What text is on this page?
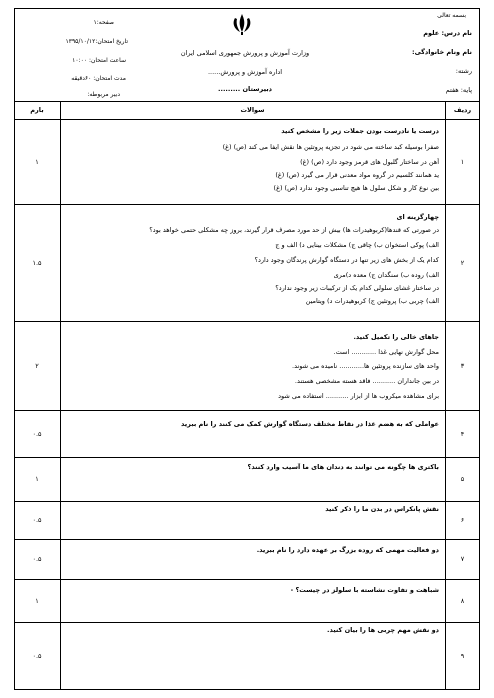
بسمه تعالی
نام درس: علوم
نام ونام خانوادگی:
رشته:
پایه: هفتم
وزارت آموزش و پرورش جمهوری اسلامی ایران
اداره آموزش و پرورش......
دبیرستان .........
صفحه:۱
تاریخ امتحان:۱۳۹۵/۱۰/۱۲
ساعت امتحان: ۱۰:۰۰
مدت امتحان: ۶۰دقیقه
دبیر مربوطه:
ردیف
سوالات
بارم
۱
۱
درست یا نادرست بودن جملات زیر را مشخص کنید
صفرا بوسیله کبد ساخته می شود در تجزیه پروتئین ها نقش ایفا می کند (ص) (غ)
آهن در ساختار گلبول های قرمز وجود دارد (ص) (غ)
ید همانند کلسیم در گروه مواد معدنی قرار می گیرد (ص) (غ)
بین نوع کار و شکل سلول ها هیچ تناسبی وجود ندارد (ص) (غ)
۲
۱.۵
چهارگزینه ای
در صورتی که قندها(کربوهیدرات ها) بیش از حد مورد مصرف قرار گیرند، بروز چه مشکلی حتمی خواهد بود؟
الف) پوکی استخوان ب) چاقی ج) مشکلات بینایی د) الف و ج
کدام یک از بخش های زیر تنها در دستگاه گوارش پرندگان وجود دارد؟
الف) روده ب) سنگدان ج) معده د)مری
در ساختار غشای سلولی کدام یک از ترکیبات زیر وجود ندارد؟
الف) چربی ب) پروتئین ج) کربوهیدرات د) ویتامین
۳
۲
جاهای خالی را تکمیل کنید.
محل گوارش نهایی غذا ............ است.
واحد های سازنده پروتئین ها............ نامیده می شوند.
در بین جانداران ........... فاقد هسته مشخصی هستند.
برای مشاهده میکروب ها از ابزار ........... استفاده می شود
۴
۰.۵
عواملی که به هضم غذا در نقاط مختلف دستگاه گوارش کمک می کنند را نام ببرید
۵
۱
باکتری ها چگونه می توانند به دندان های ما آسیب وارد کنند؟
۶
۰.۵
نقش پانکراس در بدن ما را ذکر کنید
۷
۰.۵
دو فعالیت مهمی که روده بزرگ بر عهده دارد را نام ببرید.
۸
۱
شباهت و تفاوت نشاسته با سلولز در چیست؟ -
۹
۰.۵
دو نقش مهم چربی ها را بیان کنید.
